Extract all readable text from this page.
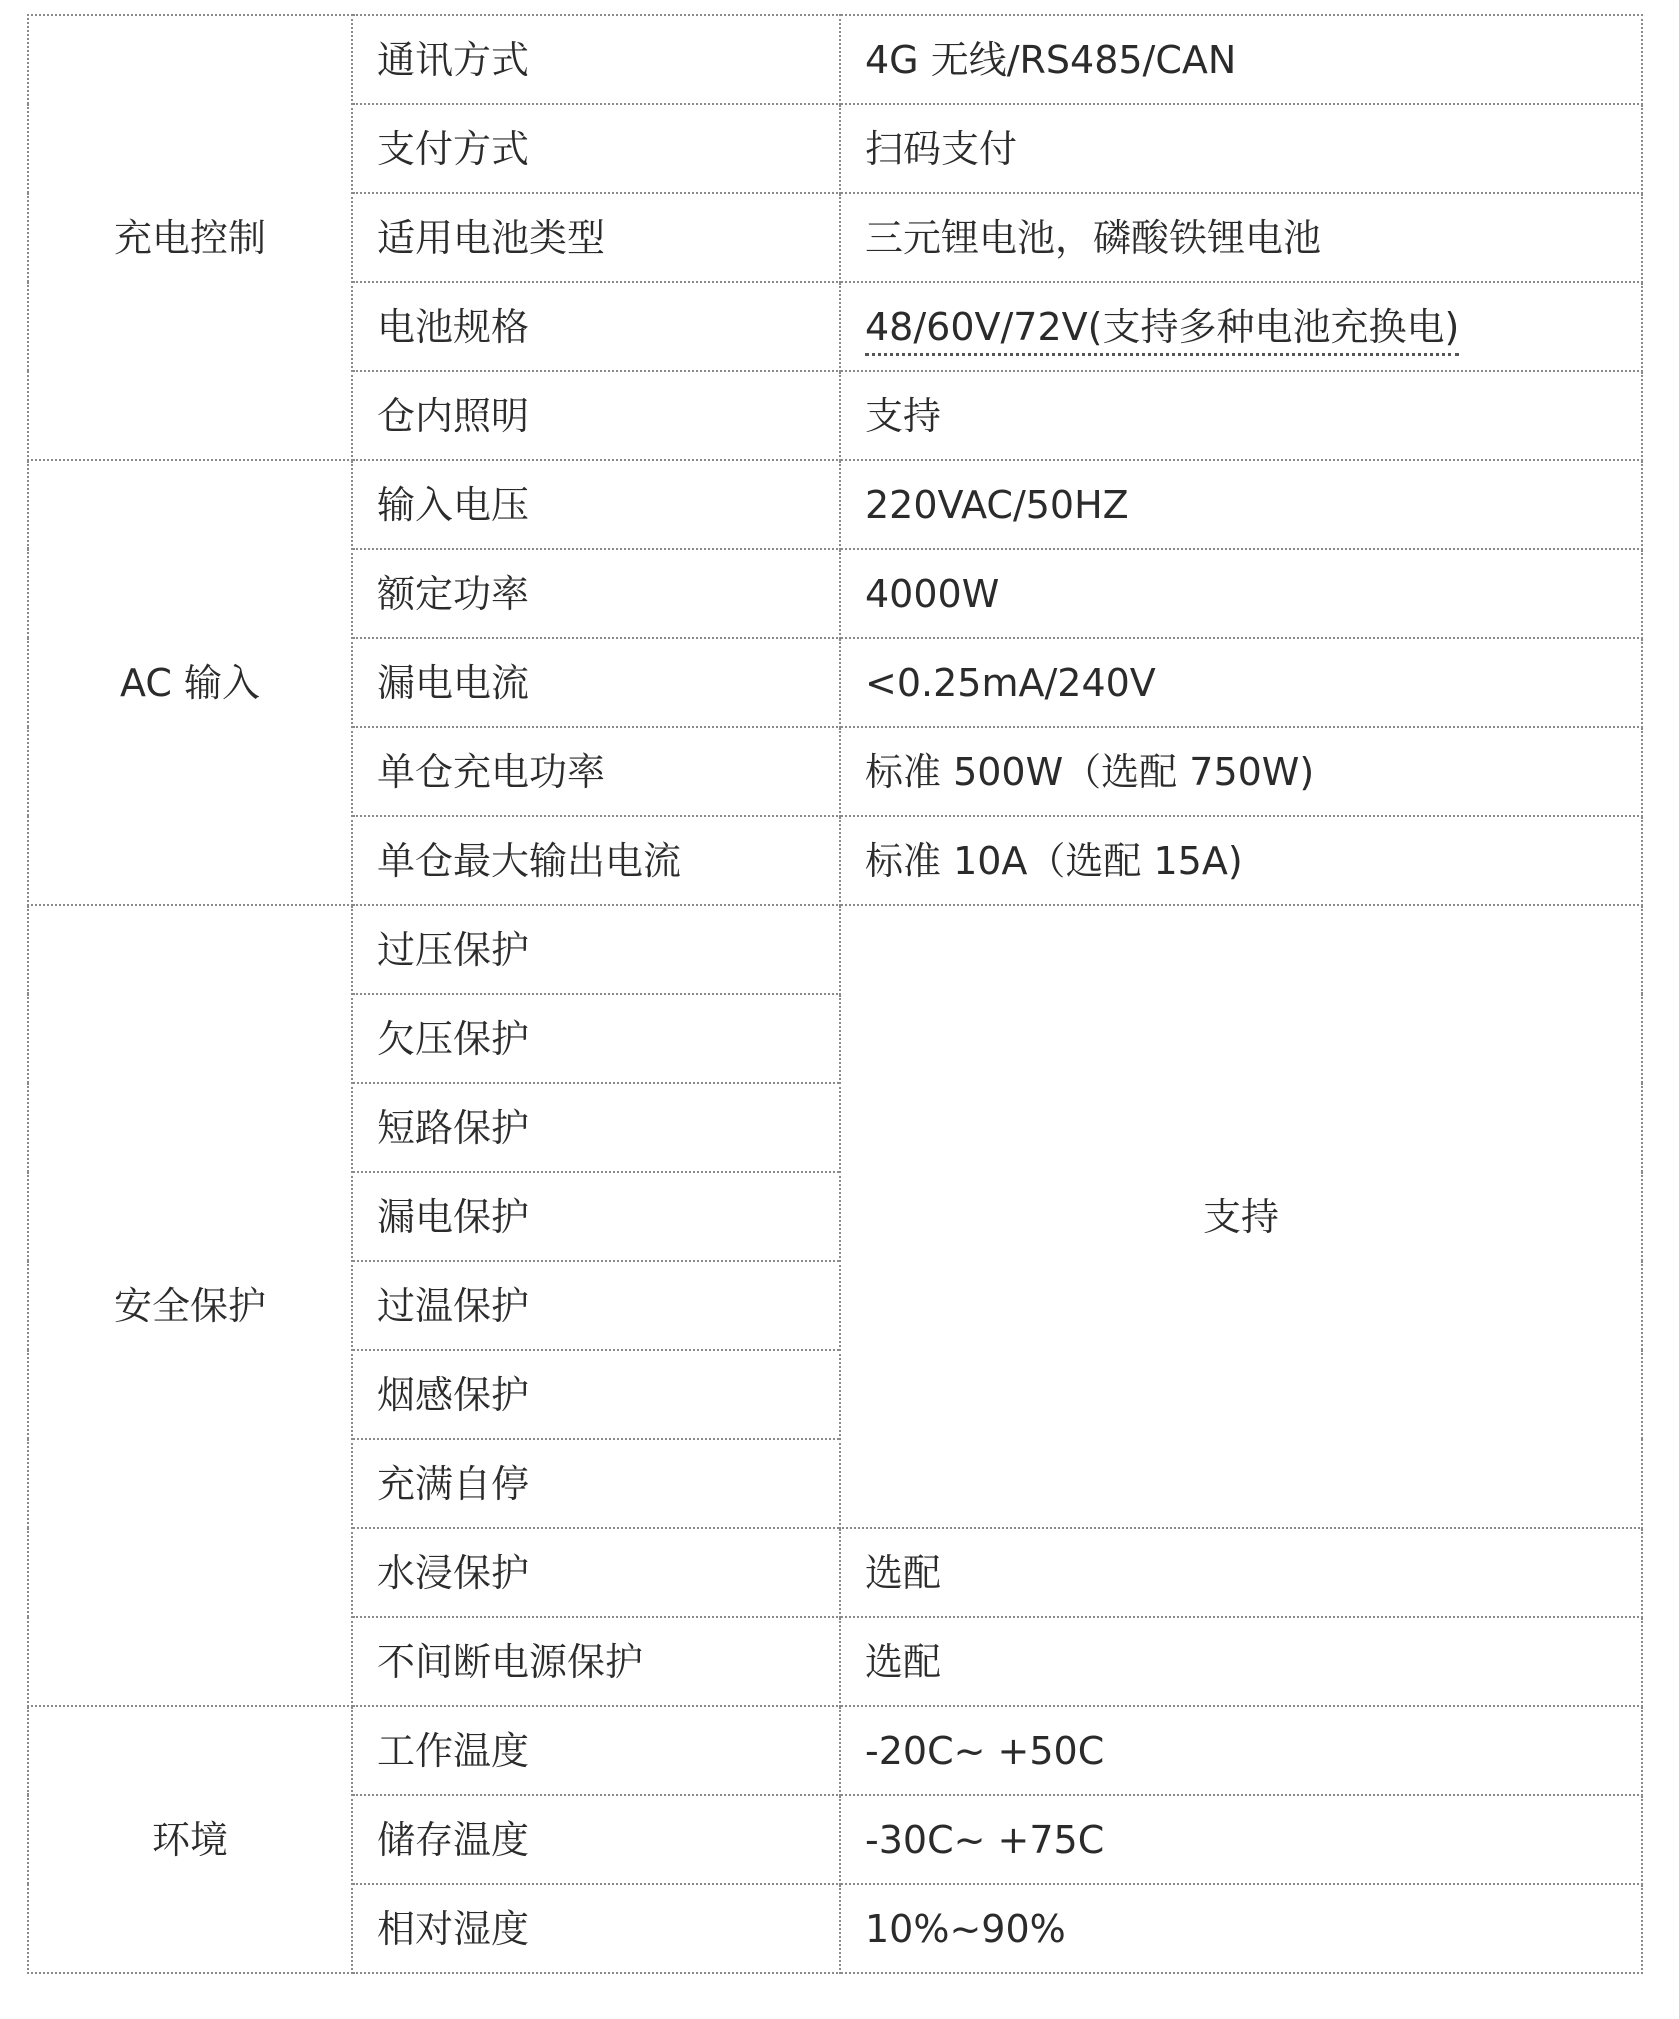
充电控制	通讯方式	4G 无线/RS485/CAN
	支付方式	扫码支付
	适用电池类型	三元锂电池，磷酸铁锂电池
	电池规格	48/60V/72V(支持多种电池充换电)
	仓内照明	支持
AC 输入	输入电压	220VAC/50HZ
	额定功率	4000W
	漏电电流	<0.25mA/240V
	单仓充电功率	标准 500W（选配 750W)
	单仓最大输出电流	标准 10A（选配 15A)
安全保护	过压保护	支持
	欠压保护	
	短路保护	
	漏电保护	
	过温保护	
	烟感保护	
	充满自停	
	水浸保护	选配
	不间断电源保护	选配
环境	工作温度	-20C~ +50C
	储存温度	-30C~ +75C
	相对湿度	10%~90%
